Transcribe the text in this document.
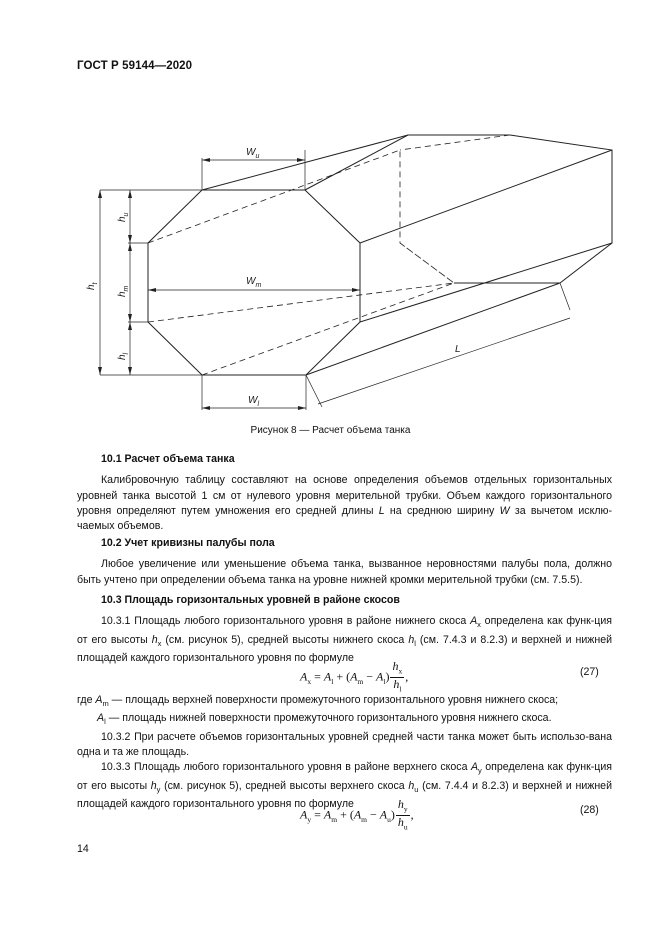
ГОСТ Р 59144—2020
$W_u$
$W_m$
$W_l$
L
$h_t$
$h_u$
$h_m$
$h_l$
Рисунок 8 — Расчет объема танка
10.1 Расчет объема танка
Калибровочную таблицу составляют на основе определения объемов отдельных горизонтальных уровней танка высотой 1 см от нулевого уровня мерительной трубки. Объем каждого горизонтального уровня определяют путем умножения его средней длины L на среднюю ширину W за вычетом исклю-чаемых объемов.
10.2 Учет кривизны палубы пола
Любое увеличение или уменьшение объема танка, вызванное неровностями палубы пола, должно быть учтено при определении объема танка на уровне нижней кромки мерительной трубки (см. 7.5.5).
10.3 Площадь горизонтальных уровней в районе скосов
10.3.1 Площадь любого горизонтального уровня в районе нижнего скоса $A_x$ определена как функ-ция от его высоты $h_x$ (см. рисунок 5), средней высоты нижнего скоса $h_l$ (см. 7.4.3 и 8.2.3) и верхней и нижней площадей каждого горизонтального уровня по формуле
$A_x = A_l + (A_m - A_l) \frac{h_x}{h_l}$ ,	(27)
где $A_m$ — площадь верхней поверхности промежуточного горизонтального уровня нижнего скоса;
$A_l$ — площадь нижней поверхности промежуточного горизонтального уровня нижнего скоса.
10.3.2 При расчете объемов горизонтальных уровней средней части танка может быть использо-вана одна и та же площадь.
10.3.3 Площадь любого горизонтального уровня в районе верхнего скоса $A_y$ определена как функ-ция от его высоты $h_y$ (см. рисунок 5), средней высоты верхнего скоса $h_u$ (см. 7.4.4 и 8.2.3) и верхней и нижней площадей каждого горизонтального уровня по формуле
$A_y = A_m + (A_m - A_u) \frac{h_y}{h_u}$ ,	(28)
14
